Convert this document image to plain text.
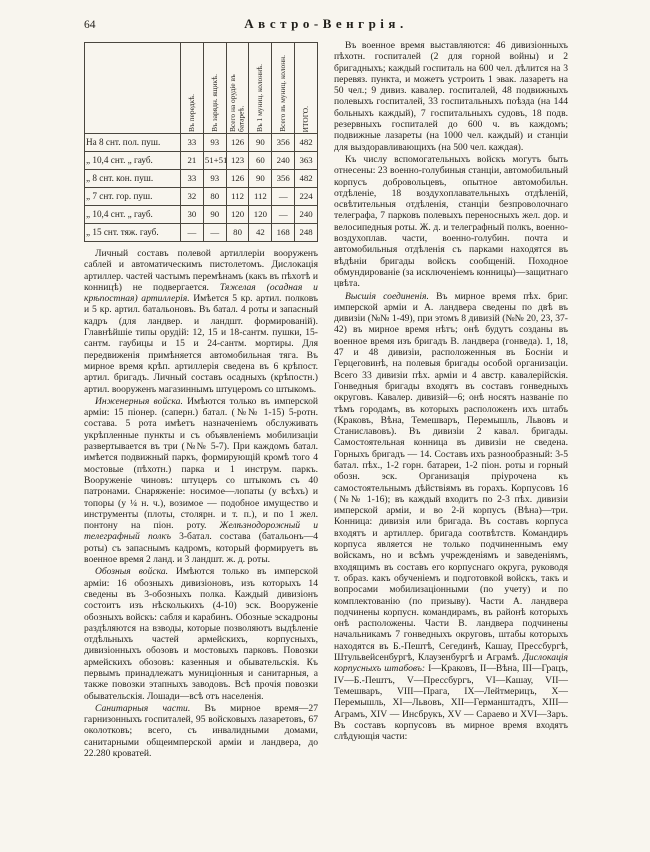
64	Австро-Венгрія.

	Въ передкѣ.	Въ зарядн. ящикѣ.	Всего на орудіе въ батареѣ.	Въ 1 муниц. колоннѣ.	Всего въ муниц. колонн.	ИТОГО.

На 8 снт. пол. пуш.	33	93	126	90	356	482
„ 10,4 снт. „ гауб.	21	51+51	123	60	240	363
„ 8 снт. кон. пуш.	33	93	126	90	356	482
„ 7 снт. гор. пуш.	32	80	112	112	—	224
„ 10,4 снт. „ гауб.	30	90	120	120	—	240
„ 15 снт. тяж. гауб.	—	—	80	42	168	248

Личный составъ полевой артиллеріи вооруженъ саблей и автоматическимъ пистолетомъ. Дислокація артиллер. частей частымъ перемѣнамъ (какъ въ пѣхотѣ и конницѣ) не подвергается. Тяжелая (осадная и крѣпостная) артиллерія. Имѣется 5 кр. артил. полковъ и 5 кр. артил. батальоновъ. Въ батал. 4 роты и запасный кадръ (для ландвер. и ландшт. формированій). Главнѣйшіе типы орудій: 12, 15 и 18-сантм. пушки, 15-сантм. гаубицы и 15 и 24-сантм. мортиры. Для передвиженія примѣняется автомобильная тяга. Въ мирное время крѣп. артиллерія сведена въ 6 крѣпост. артил. бригадъ. Личный составъ осадныхъ (крѣпостн.) артил. вооруженъ магазиннымъ штуцеромъ со штыкомъ.

Инженерныя войска. Имѣются только въ имперской арміи: 15 піонер. (саперн.) батал. (№№ 1-15) 5-ротн. состава. 5 рота имѣетъ назначеніемъ обслуживать укрѣпленные пункты и съ объявленіемъ мобилизаціи развертывается въ три (№№ 5-7). При каждомъ батал. имѣется подвижный паркъ, формирующій кромѣ того 4 мостовые (пѣхотн.) парка и 1 инструм. паркъ. Вооруженіе чиновъ: штуцеръ со штыкомъ съ 40 патронами. Снаряженіе: носимое—лопаты (у всѣхъ) и топоры (у ¼ н. ч.), возимое — подобное имущество и инструменты (плоты, столярн. и т. п.), и по 1 жел. понтону на піон. роту. Желѣзнодорожный и телеграфный полкъ 3-батал. состава (батальонъ—4 роты) съ запаснымъ кадромъ, который формируетъ въ военное время 2 ланд. и 3 ландшт. ж. д. роты.

Обозныя войска. Имѣются только въ имперской арміи: 16 обозныхъ дивизіоновъ, изъ которыхъ 14 сведены въ 3-обозныхъ полка. Каждый дивизіонъ состоитъ изъ нѣсколькихъ (4-10) эск. Вооруженіе обозныхъ войскъ: сабля и карабинъ. Обозные эскадроны раздѣляются на взводы, которые позволяютъ выдѣленіе отдѣльныхъ частей армейскихъ, корпусныхъ, дивизіонныхъ обозовъ и мостовыхъ парковъ. Повозки армейскихъ обозовъ: казенныя и обывательскія. Къ первымъ принадлежатъ муниціонныя и санитарныя, а также повозки этапныхъ заводовъ. Всѣ прочія повозки обывательскія. Лошади—всѣ отъ населенія.

Санитарныя части. Въ мирное время—27 гарнизонныхъ госпиталей, 95 войсковыхъ лазаретовъ, 67 околотковъ; всего, съ инвалидными домами, санитарными общеимперской арміи и ландвера, до 22.280 кроватей.

Въ военное время выставляются: 46 дивизіонныхъ пѣхотн. госпиталей (2 для горной войны) и 2 бригадныхъ; каждый госпиталь на 600 чел. дѣлится на 3 перевяз. пункта, и можетъ устроить 1 эвак. лазаретъ на 50 чел.; 9 дивиз. кавалер. госпиталей, 48 подвижныхъ полевыхъ госпиталей, 33 госпитальныхъ поѣзда (на 144 больныхъ каждый), 7 госпитальныхъ судовъ, 18 подв. резервныхъ госпиталей до 600 ч. въ каждомъ; подвижные лазареты (на 1000 чел. каждый) и станціи для выздоравливающихъ (на 500 чел. каждая).

Къ числу вспомогательныхъ войскъ могутъ быть отнесены: 23 военно-голубиныя станціи, автомобильный корпусъ добровольцевъ, опытное автомобильн. отдѣленіе, 18 воздухоплавательныхъ отдѣленій, освѣтительныя отдѣленія, станціи безпроволочнаго телеграфа, 7 парковъ полевыхъ переносныхъ жел. дор. и велосипедныя роты. Ж. д. и телеграфный полкъ, военно-воздухоплав. части, военно-голубин. почта и автомобильныя отдѣленія съ парками находятся въ вѣдѣніи бригады войскъ сообщеній. Походное обмундированіе (за исключеніемъ конницы)—защитнаго цвѣта.

Высшія соединенія. Въ мирное время пѣх. бриг. имперской арміи и А. ландвера сведены по двѣ въ дивизіи (№№ 1-49), при этомъ 8 дивизій (№№ 20, 23, 37-42) въ мирное время нѣтъ; онѣ будутъ созданы въ военное время изъ бригадъ В. ландвера (гонведа). 1, 18, 47 и 48 дивизіи, расположенныя въ Босніи и Герцеговинѣ, на полевыя бригады особой организаціи. Всего 33 дивизіи пѣх. арміи и 4 австр. кавалерійскія. Гонведныя бригады входятъ въ составъ гонведныхъ округовъ. Кавалер. дивизій—6; онѣ носятъ названіе по тѣмъ городамъ, въ которыхъ расположенъ ихъ штабъ (Краковъ, Вѣна, Темешваръ, Перемышль, Львовъ и Станиславовъ). Въ дивизіи 2 кавал. бригады. Самостоятельная конница въ дивизіи не сведена. Горныхъ бригадъ — 14. Составъ ихъ разнообразный: 3-5 батал. пѣх., 1-2 горн. батареи, 1-2 піон. роты и горный обозн. эск. Организація пріурочена къ самостоятельнымъ дѣйствіямъ въ горахъ. Корпусовъ 16 (№№ 1-16); въ каждый входитъ по 2-3 пѣх. дивизіи имперской арміи, и во 2-й корпусъ (Вѣна)—три. Конница: дивизія или бригада. Въ составъ корпуса входятъ и артиллер. бригада соотвѣтств. Командиръ корпуса является не только подчиненнымъ ему войскамъ, но и всѣмъ учрежденіямъ и заведеніямъ, входящимъ въ составъ его корпуснаго округа, руководя т. образ. какъ обученіемъ и подготовкой войскъ, такъ и вопросами мобилизаціонными (по учету) и по комплектованію (по призыву). Части А. ландвера подчинены корпусн. командирамъ, въ районѣ которыхъ онѣ расположены. Части В. ландвера подчинены начальникамъ 7 гонведныхъ округовъ, штабы которыхъ находятся въ Б.-Пештѣ, Сегединѣ, Кашау, Прессбургѣ, Штульвейсенбургѣ, Клаузенбургѣ и Аграмѣ. Дислокація корпусныхъ штабовъ: I—Краковъ, II—Вѣна, III—Грацъ, IV—Б.-Пештъ, V—Прессбургъ, VI—Кашау, VII—Темешваръ, VIII—Прага, IX—Лейтмерицъ, X—Перемышль, XI—Львовъ, XII—Германштадтъ, XIII—Аграмъ, XIV — Инсбрукъ, XV — Сараево и XVI—Заръ. Въ составъ корпусовъ въ мирное время входятъ слѣдующія части:
